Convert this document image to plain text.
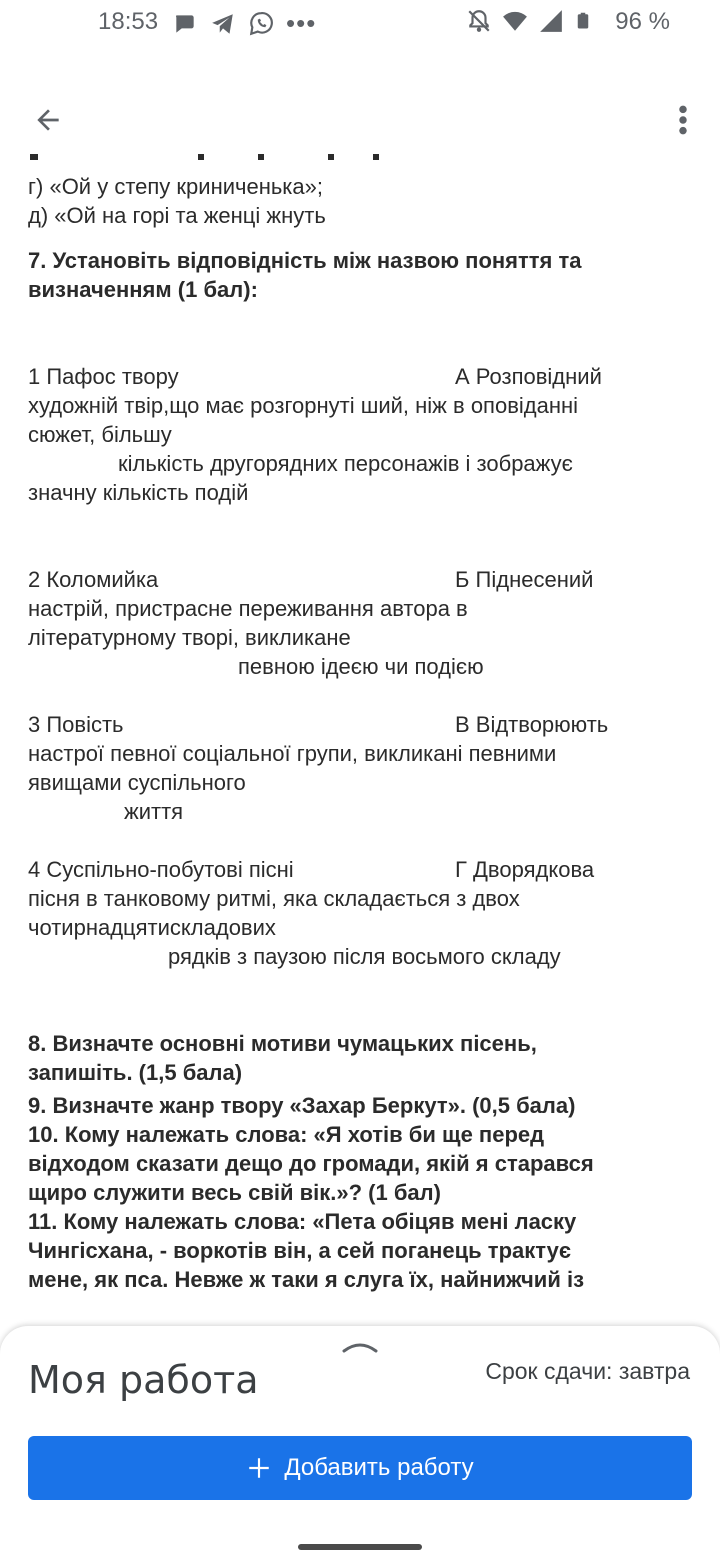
18:53	•••	96 %

г) «Ой у степу криниченька»;

д) «Ой на горі та женці жнуть

7. Установіть відповідність між назвою поняття та

визначенням (1 бал):

1 Пафос твору	А Розповідний

художній твір,що має розгорнуті ший, ніж в оповіданні

сюжет, більшу

кількість другорядних персонажів і зображує

значну кількість подій

2 Коломийка	Б Піднесений

настрій, пристрасне переживання автора в

літературному творі, викликане

певною ідеєю чи подією

3 Повість	В Відтворюють

настрої певної соціальної групи, викликані певними

явищами суспільного

життя

4 Суспільно-побутові пісні	Г Дворядкова

пісня в танковому ритмі, яка складається з двох

чотирнадцятискладових

рядків з паузою після восьмого складу

8. Визначте основні мотиви чумацьких пісень,

запишіть. (1,5 бала)

9. Визначте жанр твору «Захар Беркут». (0,5 бала)

10. Кому належать слова: «Я хотів би ще перед

відходом сказати дещо до громади, якій я старався

щиро служити весь свій вік.»? (1 бал)

11. Кому належать слова: «Пета обіцяв мені ласку

Чингісхана, - воркотів він, а сей поганець трактує

мене, як пса. Невже ж таки я слуга їх, найнижчий із

Моя работа	Срок сдачи: завтра
Добавить работу
